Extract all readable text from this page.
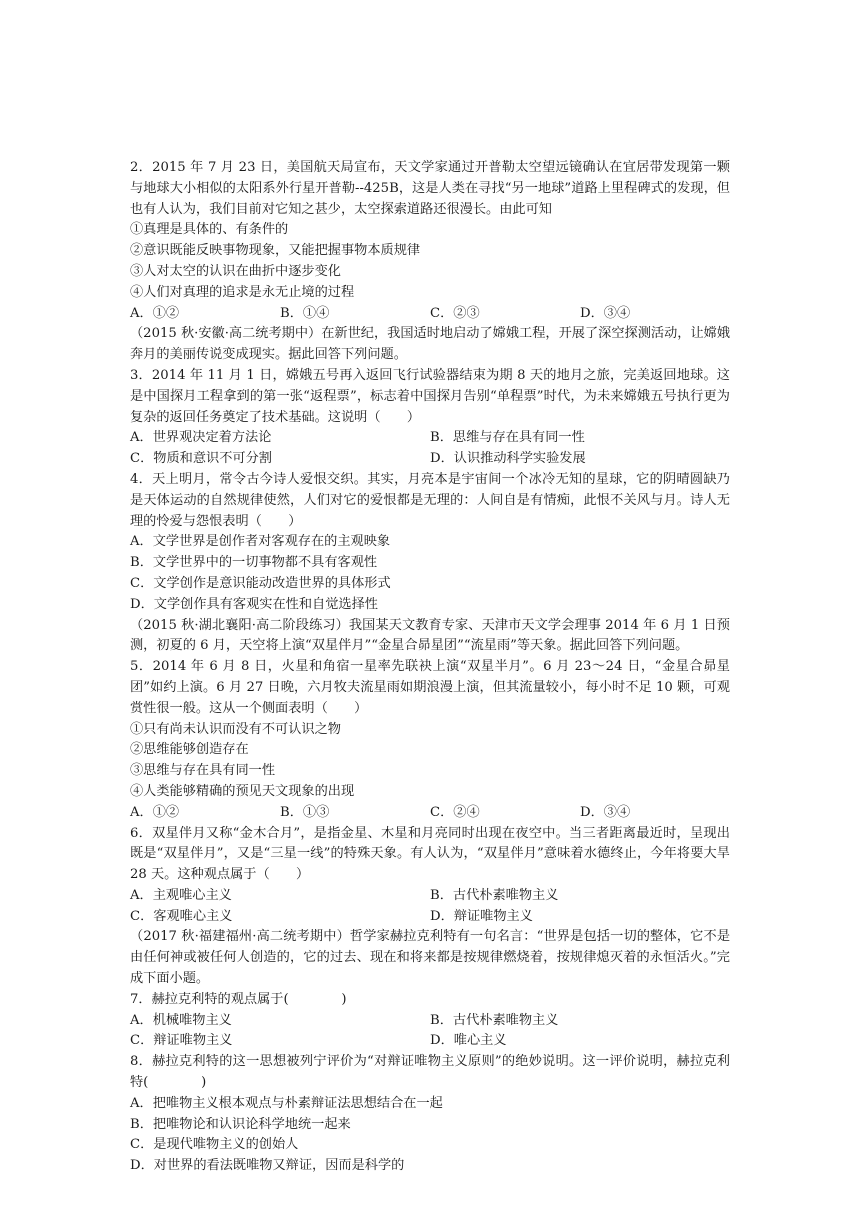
2．2015 年 7 月 23 日，美国航天局宣布，天文学家通过开普勒太空望远镜确认在宜居带发现第一颗与地球大小相似的太阳系外行星开普勒--425B，这是人类在寻找“另一地球”道路上里程碑式的发现，但也有人认为，我们目前对它知之甚少，太空探索道路还很漫长。由此可知

①真理是具体的、有条件的

②意识既能反映事物现象，又能把握事物本质规律

③人对太空的认识在曲折中逐步变化

④人们对真理的追求是永无止境的过程

A．①②	B．①④	C．②③	D．③④

（2015 秋·安徽·高二统考期中）在新世纪，我国适时地启动了嫦娥工程，开展了深空探测活动，让嫦娥奔月的美丽传说变成现实。据此回答下列问题。

3．2014 年 11 月 1 日，嫦娥五号再入返回飞行试验器结束为期 8 天的地月之旅，完美返回地球。这是中国探月工程拿到的第一张“返程票”，标志着中国探月告别“单程票”时代，为未来嫦娥五号执行更为复杂的返回任务奠定了技术基础。这说明（　　）

A．世界观决定着方法论	B．思维与存在具有同一性
C．物质和意识不可分割	D．认识推动科学实验发展

4．天上明月，常令古今诗人爱恨交织。其实，月亮本是宇宙间一个冰冷无知的星球，它的阴晴圆缺乃是天体运动的自然规律使然，人们对它的爱恨都是无理的：人间自是有情痴，此恨不关风与月。诗人无理的怜爱与怨恨表明（　　）

A．文学世界是创作者对客观存在的主观映象

B．文学世界中的一切事物都不具有客观性

C．文学创作是意识能动改造世界的具体形式

D．文学创作具有客观实在性和自觉选择性

（2015 秋·湖北襄阳·高二阶段练习）我国某天文教育专家、天津市天文学会理事 2014 年 6 月 1 日预测，初夏的 6 月，天空将上演“双星伴月”“金星合昴星团”“流星雨”等天象。据此回答下列问题。

5．2014 年 6 月 8 日，火星和角宿一星率先联袂上演“双星半月”。6 月 23～24 日，“金星合昴星团”如约上演。6 月 27 日晚，六月牧夫流星雨如期浪漫上演，但其流量较小，每小时不足 10 颗，可观赏性很一般。这从一个侧面表明（　　）

①只有尚未认识而没有不可认识之物

②思维能够创造存在

③思维与存在具有同一性

④人类能够精确的预见天文现象的出现

A．①②	B．①③	C．②④	D．③④

6．双星伴月又称“金木合月”，是指金星、木星和月亮同时出现在夜空中。当三者距离最近时，呈现出既是“双星伴月”，又是“三星一线”的特殊天象。有人认为，“双星伴月”意味着水德终止，今年将要大旱 28 天。这种观点属于（　　）

A．主观唯心主义	B．古代朴素唯物主义
C．客观唯心主义	D．辩证唯物主义

（2017 秋·福建福州·高二统考期中）哲学家赫拉克利特有一句名言：“世界是包括一切的整体，它不是由任何神或被任何人创造的，它的过去、现在和将来都是按规律燃烧着，按规律熄灭着的永恒活火。”完成下面小题。

7．赫拉克利特的观点属于(　　　　)

A．机械唯物主义	B．古代朴素唯物主义
C．辩证唯物主义	D．唯心主义

8．赫拉克利特的这一思想被列宁评价为“对辩证唯物主义原则”的绝妙说明。这一评价说明，赫拉克利特(　　　　)

A．把唯物主义根本观点与朴素辩证法思想结合在一起

B．把唯物论和认识论科学地统一起来

C．是现代唯物主义的创始人

D．对世界的看法既唯物又辩证，因而是科学的
